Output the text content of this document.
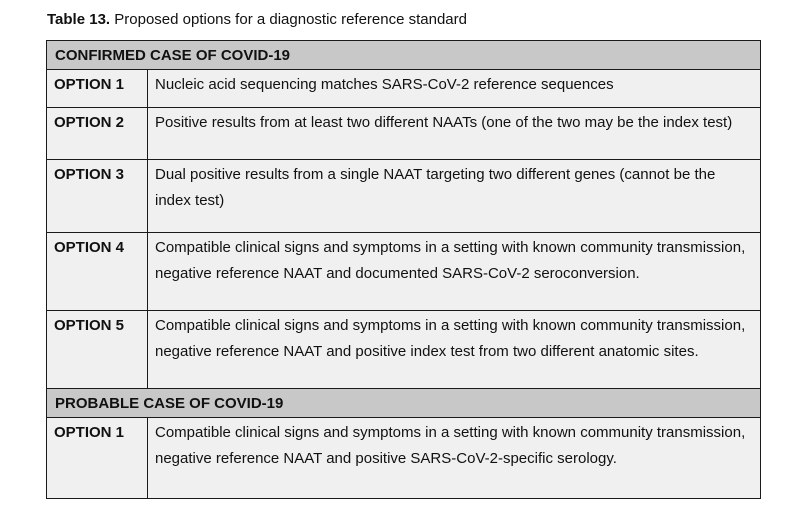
Table 13. Proposed options for a diagnostic reference standard
CONFIRMED CASE OF COVID-19	
OPTION 1	Nucleic acid sequencing matches SARS-CoV-2 reference sequences
OPTION 2	Positive results from at least two different NAATs (one of the two may be the index test)
OPTION 3	Dual positive results from a single NAAT targeting two different genes (cannot be the index test)
OPTION 4	Compatible clinical signs and symptoms in a setting with known community transmission, negative reference NAAT and documented SARS-CoV-2 seroconversion.
OPTION 5	Compatible clinical signs and symptoms in a setting with known community transmission, negative reference NAAT and positive index test from two different anatomic sites.
PROBABLE CASE OF COVID-19	
OPTION 1	Compatible clinical signs and symptoms in a setting with known community transmission, negative reference NAAT and positive SARS-CoV-2-specific serology.
